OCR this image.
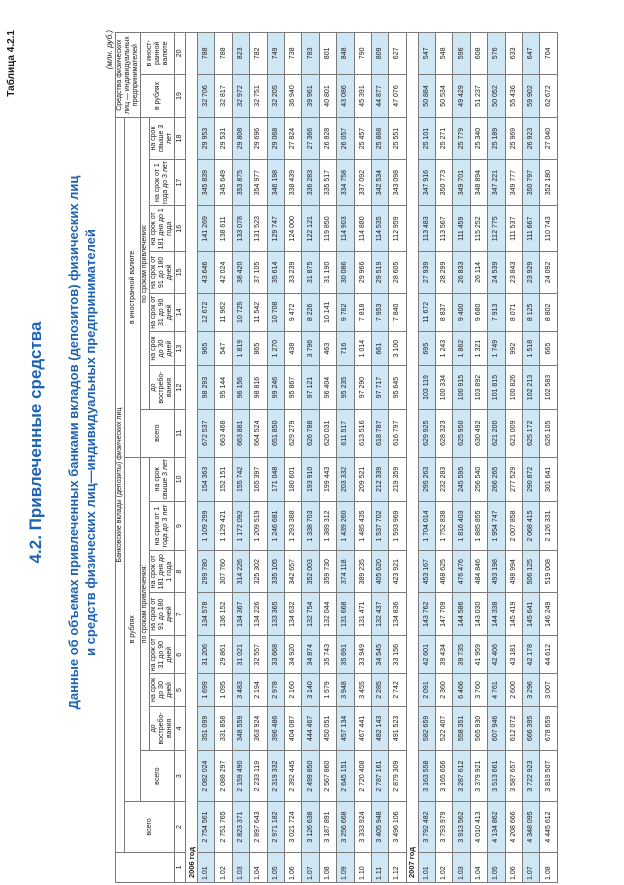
Таблица 4.2.1
4.2. Привлеченные средства Данные об объемах привлеченных банками вкладов (депозитов) физических лиц и средств физических лиц—индивидуальных предпринимателей
(млн. руб.)
	Банковские вклады (депозиты) физических лиц																	Средства физических лиц — индивидуальных предпринимателей	
	всего	в рублях								в иностранной валюте									
		всего	по срокам привлечения:							всего	по срокам привлечения:							в рублях	в иност-ранной валюте
			до востребо-вания	на срок до 30 дней	на срок от 31 до 90 дней	на срок от 91 до 180 дней	на срок от 181 дня до 1 года	на срок от 1 года до 3 лет	на срок свыше 3 лет		до востребо-вания	на срок до 30 дней	на срок от 31 до 90 дней	на срок от 91 до 180 дней	на срок от 181 дня до 1 года	на срок от 1 года до 3 лет	на срок свыше 3 лет		
1	2	3	4	5	6	7	8	9	10	11	12	13	14	15	16	17	18	19	20
2006 год																			
1.01	2 754 561	2 082 024	351 099	1 699	31 206	134 578	299 780	1 109 299	154 363	672 537	98 293	965	12 672	43 646	141 269	345 839	29 953	32 706	788
1.02	2 751 765	2 088 297	331 858	1 095	29 861	136 152	307 760	1 129 421	152 151	663 468	95 144	547	11 962	42 024	138 611	345 649	29 531	32 817	788
1.03	2 823 371	2 159 490	348 559	3 483	31 021	134 367	314 226	1 172 092	155 742	663 881	96 156	1 819	10 725	38 420	133 078	353 875	29 808	32 972	823
1.04	2 897 643	2 233 119	363 924	2 194	32 557	134 226	325 302	1 209 519	165 397	664 524	98 816	865	11 542	37 105	131 523	354 977	29 696	32 751	782
1.05	2 971 182	2 319 332	396 486	2 978	33 668	133 365	335 105	1 246 681	171 048	651 850	99 246	1 270	10 708	35 614	129 747	346 198	29 068	32 205	749
1.06	3 021 724	2 392 445	404 087	2 160	34 920	134 632	342 657	1 293 388	180 601	629 279	95 867	438	9 472	33 239	124 000	338 439	27 824	36 940	738
1.07	3 126 638	2 499 850	444 467	3 140	34 874	132 754	352 003	1 338 703	193 910	626 788	97 121	3 796	8 226	31 875	122 121	336 283	27 366	39 961	783
1.08	3 187 891	2 567 860	450 051	1 579	35 743	132 044	359 730	1 389 312	199 443	620 031	96 404	463	10 141	31 190	119 850	335 517	26 828	40 801	801
1.09	3 256 668	2 645 151	457 134	3 948	35 691	131 668	374 118	1 439 260	203 332	611 517	95 235	716	9 762	30 086	114 903	334 758	26 057	43 086	848
1.10	3 333 924	2 720 408	467 441	3 455	33 949	131 471	389 235	1 485 435	209 521	613 516	97 290	1 014	7 818	29 966	114 880	337 092	25 457	45 391	790
1.11	3 405 948	2 787 161	482 143	2 285	34 545	132 437	405 620	1 537 702	212 339	618 787	97 717	661	7 953	29 519	114 535	342 534	25 868	44 877	809
1.12	3 496 106	2 879 309	491 523	2 742	33 156	134 836	423 921	1 593 969	219 359	616 797	95 645	3 100	7 840	28 605	112 959	343 098	25 551	47 076	627
2007 год																			
1.01	3 792 482	3 163 558	582 659	2 091	42 601	143 762	453 167	1 704 014	295 263	629 925	103 119	695	11 672	27 939	113 483	347 916	25 101	50 884	547
1.02	3 793 979	3 165 656	522 407	2 360	39 434	147 709	468 625	1 752 838	232 283	628 323	100 334	1 243	8 837	28 299	113 567	350 773	25 271	50 534	548
1.03	3 913 562	3 287 612	558 351	6 466	39 735	144 586	476 476	1 816 403	245 595	625 950	100 915	1 862	9 400	26 833	111 459	349 701	25 779	49 429	596
1.04	4 010 413	3 379 921	565 930	3 760	41 959	143 030	484 846	1 885 855	256 540	630 492	103 892	1 321	9 680	26 114	115 252	348 894	25 340	51 237	608
1.05	4 134 862	3 513 661	607 946	4 761	42 406	144 338	493 198	1 954 747	266 265	621 200	101 815	1 749	7 913	24 539	112 775	347 221	25 189	50 052	576
1.06	4 208 666	3 587 657	612 072	2 600	43 181	145 419	498 994	2 007 858	277 529	621 009	100 826	992	8 071	23 843	111 537	349 777	25 969	55 436	633
1.07	4 348 095	3 722 923	666 395	3 296	42 178	145 641	506 125	2 068 415	290 872	625 172	102 213	1 518	8 125	23 929	111 667	350 797	26 923	59 902	647
1.08	4 445 612	3 819 507	678 659	3 007	44 612	146 249	519 008	2 126 331	301 641	626 105	102 583	665	8 802	24 092	110 743	352 180	27 040	62 672	704
